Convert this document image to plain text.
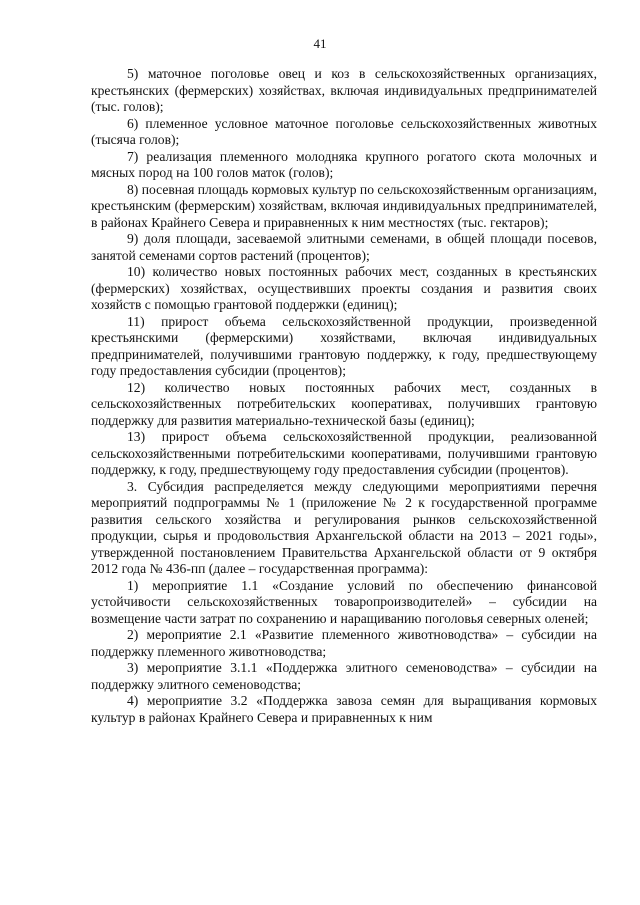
41

5) маточное поголовье овец и коз в сельскохозяйственных организациях, крестьянских (фермерских) хозяйствах, включая индивидуальных предпринимателей (тыс. голов);

6) племенное условное маточное поголовье сельскохозяйственных животных (тысяча голов);

7) реализация племенного молодняка крупного рогатого скота молочных и мясных пород на 100 голов маток (голов);

8) посевная площадь кормовых культур по сельскохозяйственным организациям, крестьянским (фермерским) хозяйствам, включая индивидуальных предпринимателей, в районах Крайнего Севера и приравненных к ним местностях (тыс. гектаров);

9) доля площади, засеваемой элитными семенами, в общей площади посевов, занятой семенами сортов растений (процентов);

10) количество новых постоянных рабочих мест, созданных в крестьянских (фермерских) хозяйствах, осуществивших проекты создания и развития своих хозяйств с помощью грантовой поддержки (единиц);

11) прирост объема сельскохозяйственной продукции, произведенной крестьянскими (фермерскими) хозяйствами, включая индивидуальных предпринимателей, получившими грантовую поддержку, к году, предшествующему году предоставления субсидии (процентов);

12) количество новых постоянных рабочих мест, созданных в сельскохозяйственных потребительских кооперативах, получивших грантовую поддержку для развития материально-технической базы (единиц);

13) прирост объема сельскохозяйственной продукции, реализованной сельскохозяйственными потребительскими кооперативами, получившими грантовую поддержку, к году, предшествующему году предоставления субсидии (процентов).

3. Субсидия распределяется между следующими мероприятиями перечня мероприятий подпрограммы № 1 (приложение № 2 к государственной программе развития сельского хозяйства и регулирования рынков сельскохозяйственной продукции, сырья и продовольствия Архангельской области на 2013 – 2021 годы», утвержденной постановлением Правительства Архангельской области от 9 октября 2012 года № 436-пп (далее – государственная программа):

1) мероприятие 1.1 «Создание условий по обеспечению финансовой устойчивости сельскохозяйственных товаропроизводителей» – субсидии на возмещение части затрат по сохранению и наращиванию поголовья северных оленей;

2) мероприятие 2.1 «Развитие племенного животноводства» – субсидии на поддержку племенного животноводства;

3) мероприятие 3.1.1 «Поддержка элитного семеноводства» – субсидии на поддержку элитного семеноводства;

4) мероприятие 3.2 «Поддержка завоза семян для выращивания кормовых культур в районах Крайнего Севера и приравненных к ним
